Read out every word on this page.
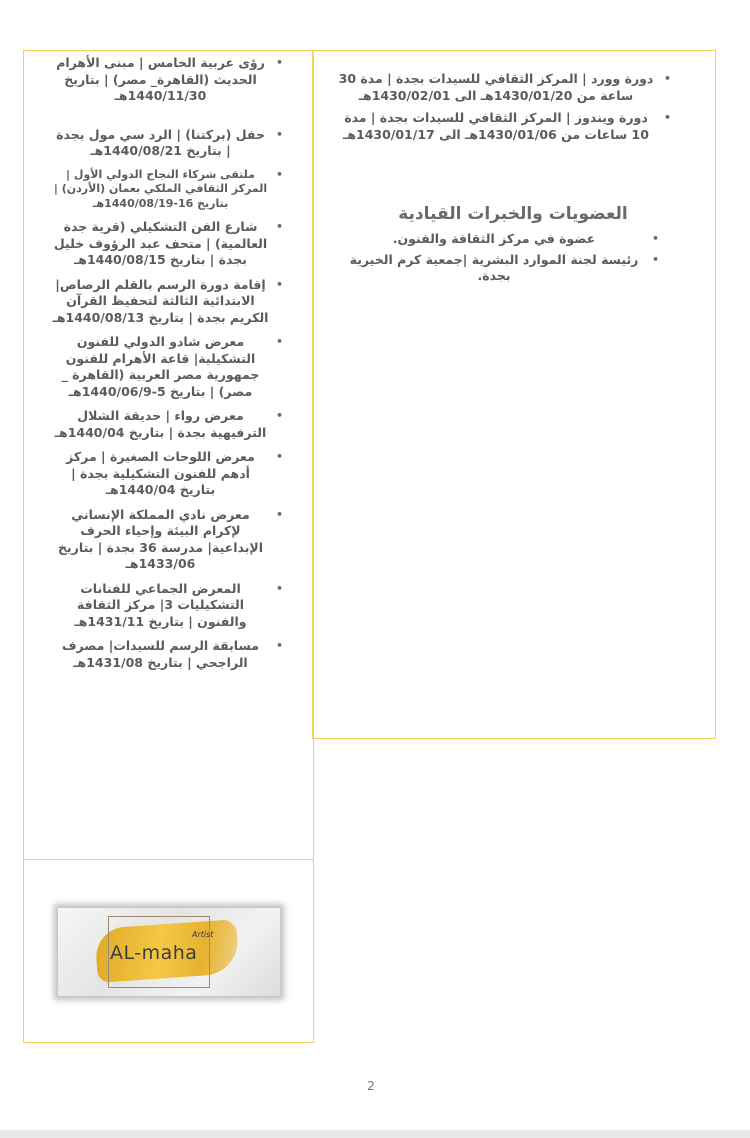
• رؤى عربية الخامس | مبنى الأهرام الحديث (القاهرة_ مصر) | بتاريخ 1440/11/30هـ
• حفل (بركتنا) | الرد سي مول بجدة | بتاريخ 1440/08/21هـ
• ملتقى شركاء النجاح الدولي الأول | المركز الثقافي الملكي بعمان (الأردن) | بتاريخ 16-1440/08/19هـ
• شارع الفن التشكيلي (قرية جدة العالمية) | متحف عبد الرؤوف خليل بجدة | بتاريخ 1440/08/15هـ
• إقامة دورة الرسم بالقلم الرصاص| الابتدائية الثالثة لتحفيظ القرآن الكريم بجدة | بتاريخ 1440/08/13هـ
• معرض شادو الدولي للفنون التشكيلية| قاعة الأهرام للفنون جمهورية مصر العربية (القاهرة _ مصر) | بتاريخ 5-1440/06/9هـ
• معرض رواء | حديقة الشلال الترفيهية بجدة | بتاريخ 1440/04هـ
• معرض اللوحات الصغيرة | مركز أدهم للفنون التشكيلية بجدة | بتاريخ 1440/04هـ
• معرض نادي المملكة الإنساني لإكرام البيئة وإحياء الحرف الإبداعية| مدرسة 36 بجدة | بتاريخ 1433/06هـ
• المعرض الجماعي للفنانات التشكيليات 3| مركز الثقافة والفنون | بتاريخ 1431/11هـ
• مسابقة الرسم للسيدات| مصرف الراجحي | بتاريخ 1431/08هـ
• دورة وورد | المركز الثقافي للسيدات بجدة | مدة 30 ساعة من 1430/01/20هـ الى 1430/02/01هـ
• دورة ويندوز | المركز الثقافي للسيدات بجدة | مدة 10 ساعات من 1430/01/06هـ الى 1430/01/17هـ
العضويات والخبرات القيادية
• عضوة في مركز الثقافة والفنون.
• رئيسة لجنة الموارد البشرية |جمعية كرم الخيرية بجدة.
AL-maha
Artist
2
